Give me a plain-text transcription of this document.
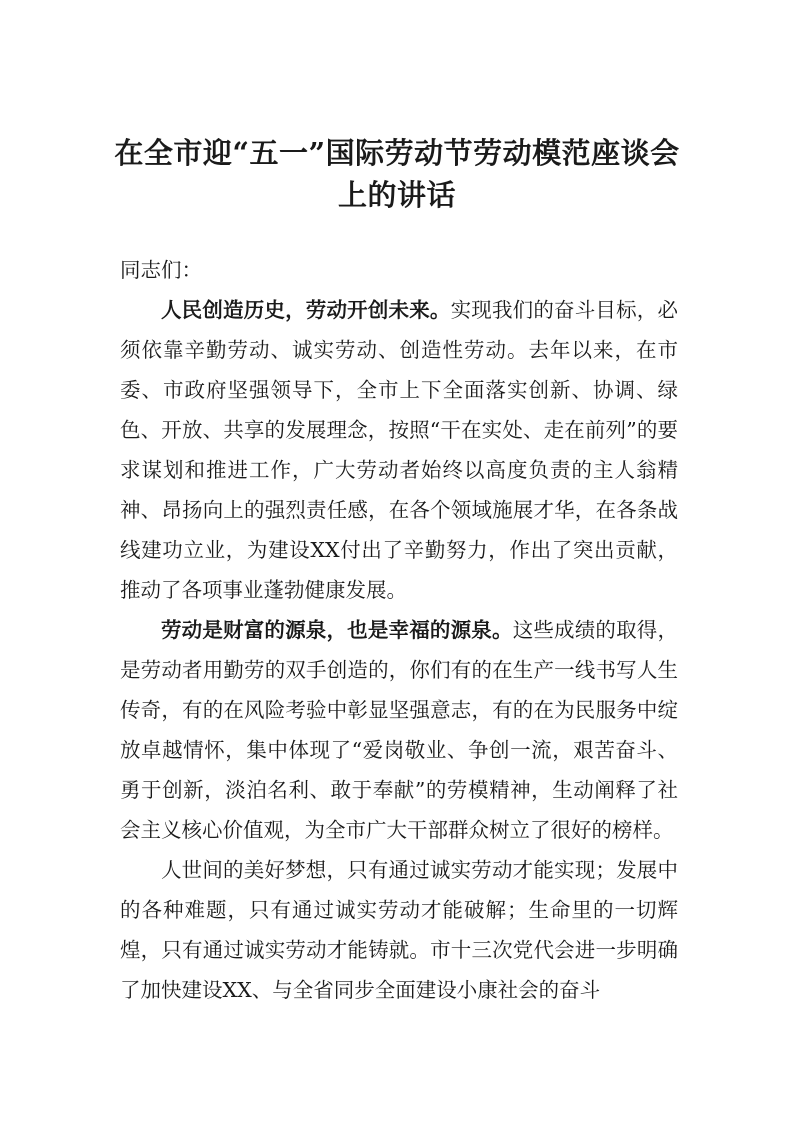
在全市迎“五一”国际劳动节劳动模范座谈会
上的讲话

同志们：

人民创造历史，劳动开创未来。实现我们的奋斗目标，必须依靠辛勤劳动、诚实劳动、创造性劳动。去年以来，在市委、市政府坚强领导下，全市上下全面落实创新、协调、绿色、开放、共享的发展理念，按照“干在实处、走在前列”的要求谋划和推进工作，广大劳动者始终以高度负责的主人翁精神、昂扬向上的强烈责任感，在各个领域施展才华，在各条战线建功立业，为建设XX付出了辛勤努力，作出了突出贡献，推动了各项事业蓬勃健康发展。

劳动是财富的源泉，也是幸福的源泉。这些成绩的取得，是劳动者用勤劳的双手创造的，你们有的在生产一线书写人生传奇，有的在风险考验中彰显坚强意志，有的在为民服务中绽放卓越情怀，集中体现了“爱岗敬业、争创一流，艰苦奋斗、勇于创新，淡泊名利、敢于奉献”的劳模精神，生动阐释了社会主义核心价值观，为全市广大干部群众树立了很好的榜样。

人世间的美好梦想，只有通过诚实劳动才能实现；发展中的各种难题，只有通过诚实劳动才能破解；生命里的一切辉煌，只有通过诚实劳动才能铸就。市十三次党代会进一步明确了加快建设XX、与全省同步全面建设小康社会的奋斗
